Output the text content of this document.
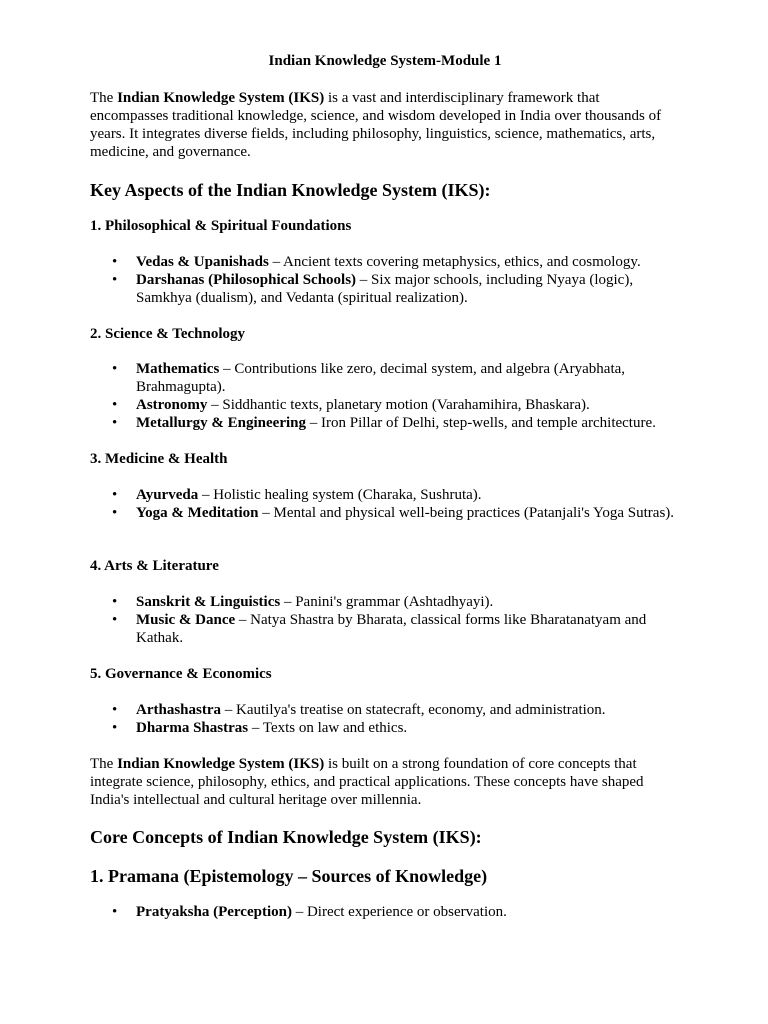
Indian Knowledge System-Module 1

The Indian Knowledge System (IKS) is a vast and interdisciplinary framework that encompasses traditional knowledge, science, and wisdom developed in India over thousands of years. It integrates diverse fields, including philosophy, linguistics, science, mathematics, arts, medicine, and governance.

Key Aspects of the Indian Knowledge System (IKS):
1. Philosophical & Spiritual Foundations
• Vedas & Upanishads – Ancient texts covering metaphysics, ethics, and cosmology.
• Darshanas (Philosophical Schools) – Six major schools, including Nyaya (logic), Samkhya (dualism), and Vedanta (spiritual realization).
2. Science & Technology
• Mathematics – Contributions like zero, decimal system, and algebra (Aryabhata, Brahmagupta).
• Astronomy – Siddhantic texts, planetary motion (Varahamihira, Bhaskara).
• Metallurgy & Engineering – Iron Pillar of Delhi, step-wells, and temple architecture.
3. Medicine & Health
• Ayurveda – Holistic healing system (Charaka, Sushruta).
• Yoga & Meditation – Mental and physical well-being practices (Patanjali's Yoga Sutras).
4. Arts & Literature
• Sanskrit & Linguistics – Panini's grammar (Ashtadhyayi).
• Music & Dance – Natya Shastra by Bharata, classical forms like Bharatanatyam and Kathak.
5. Governance & Economics
• Arthashastra – Kautilya's treatise on statecraft, economy, and administration.
• Dharma Shastras – Texts on law and ethics.

The Indian Knowledge System (IKS) is built on a strong foundation of core concepts that integrate science, philosophy, ethics, and practical applications. These concepts have shaped India's intellectual and cultural heritage over millennia.

Core Concepts of Indian Knowledge System (IKS):
1. Pramana (Epistemology – Sources of Knowledge)
• Pratyaksha (Perception) – Direct experience or observation.
